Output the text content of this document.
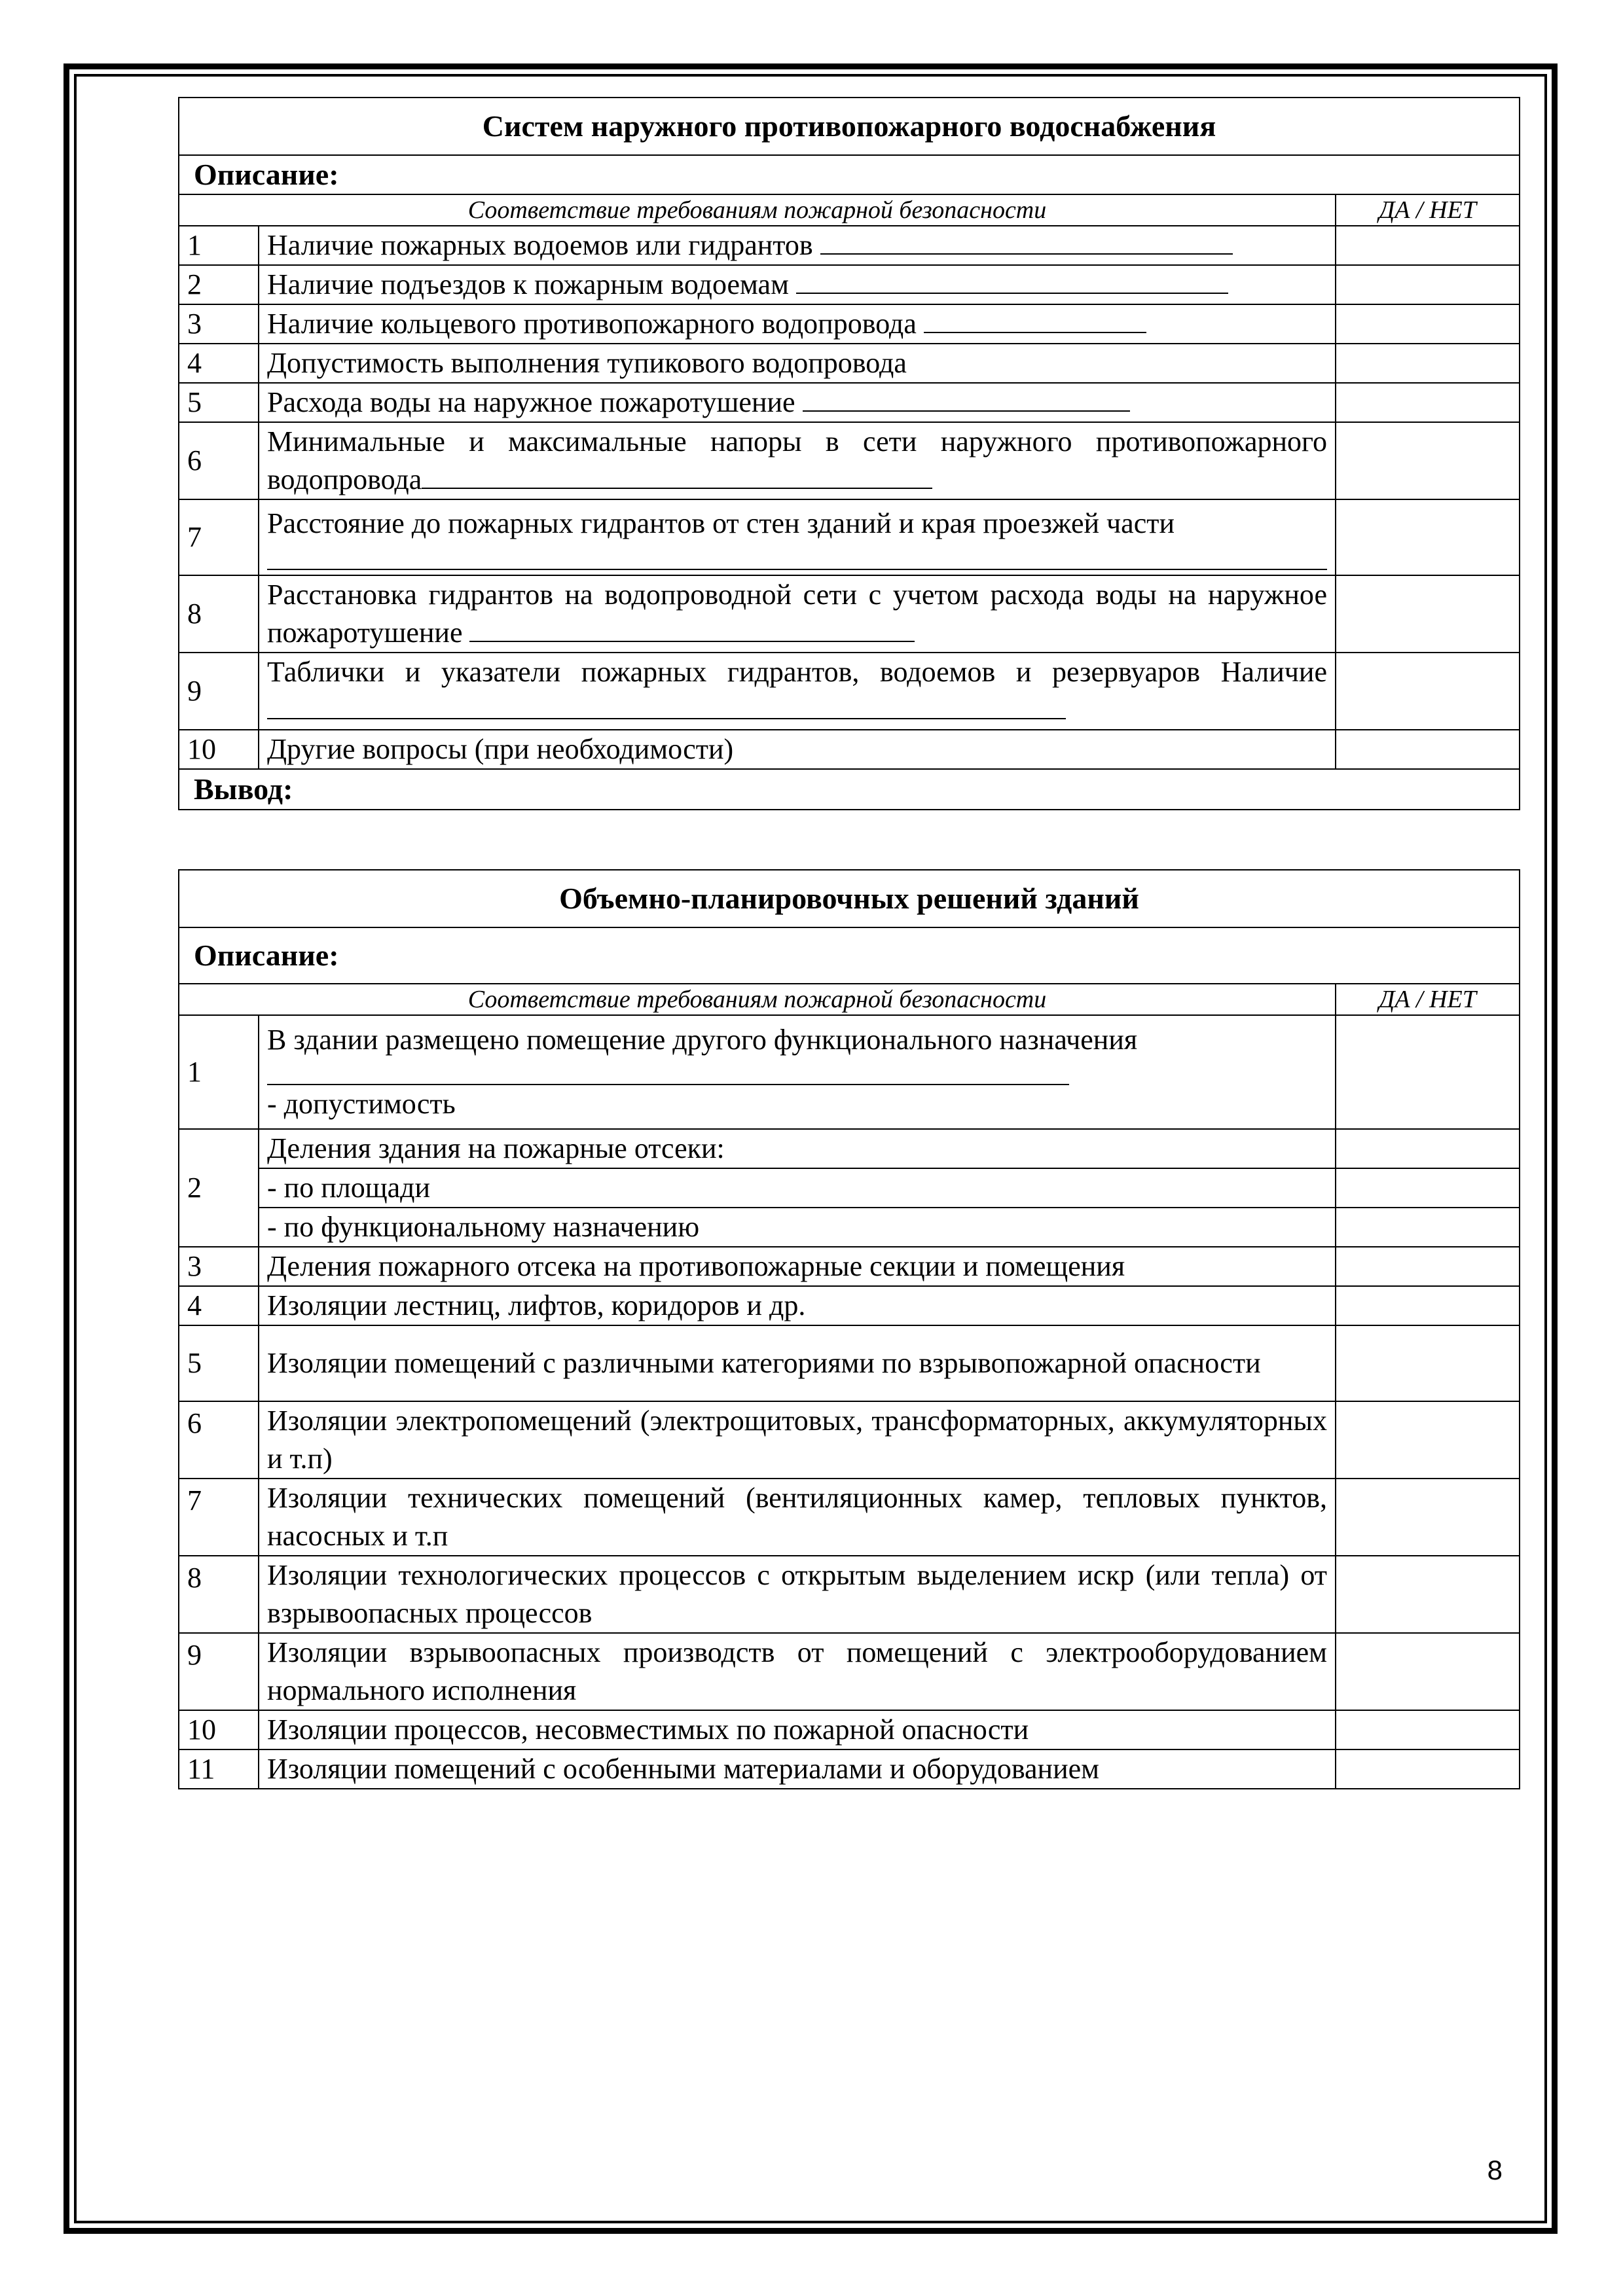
Систем наружного противопожарного водоснабжения		
Описание:		
Соответствие требованиям пожарной безопасности		ДА / НЕТ
1	Наличие пожарных водоемов или гидрантов	
2	Наличие подъездов к пожарным водоемам	
3	Наличие кольцевого противопожарного водопровода	
4	Допустимость выполнения тупикового водопровода	
5	Расхода воды на наружное пожаротушение	
6	Минимальные и максимальные напоры в сети наружного противопожарного водопровода	
7	Расстояние до пожарных гидрантов от стен зданий и края проезжей части

8	Расстановка гидрантов на водопроводной сети с учетом расхода воды на наружное пожаротушение	
9	Таблички и указатели пожарных гидрантов, водоемов и резервуаров Наличие	
10	Другие вопросы (при необходимости)	
Вывод:		
Объемно-планировочных решений зданий		
Описание:		
Соответствие требованиям пожарной безопасности		ДА / НЕТ
1	В здании размещено помещение другого функционального назначения
- допустимость	
2	Деления здания на пожарные отсеки:	
	- по площади	
	- по функциональному назначению	
3	Деления пожарного отсека на противопожарные секции и помещения	
4	Изоляции лестниц, лифтов, коридоров и др.	
5	Изоляции помещений с различными категориями по взрывопожарной опасности	
6	Изоляции электропомещений (электрощитовых, трансформаторных, аккумуляторных и т.п)	
7	Изоляции технических помещений (вентиляционных камер, тепловых пунктов, насосных и т.п	
8	Изоляции технологических процессов с открытым выделением искр (или тепла) от взрывоопасных процессов	
9	Изоляции взрывоопасных производств от помещений с электрооборудованием нормального исполнения	
10	Изоляции процессов, несовместимых по пожарной опасности	
11	Изоляции помещений с особенными материалами и оборудованием	
8
